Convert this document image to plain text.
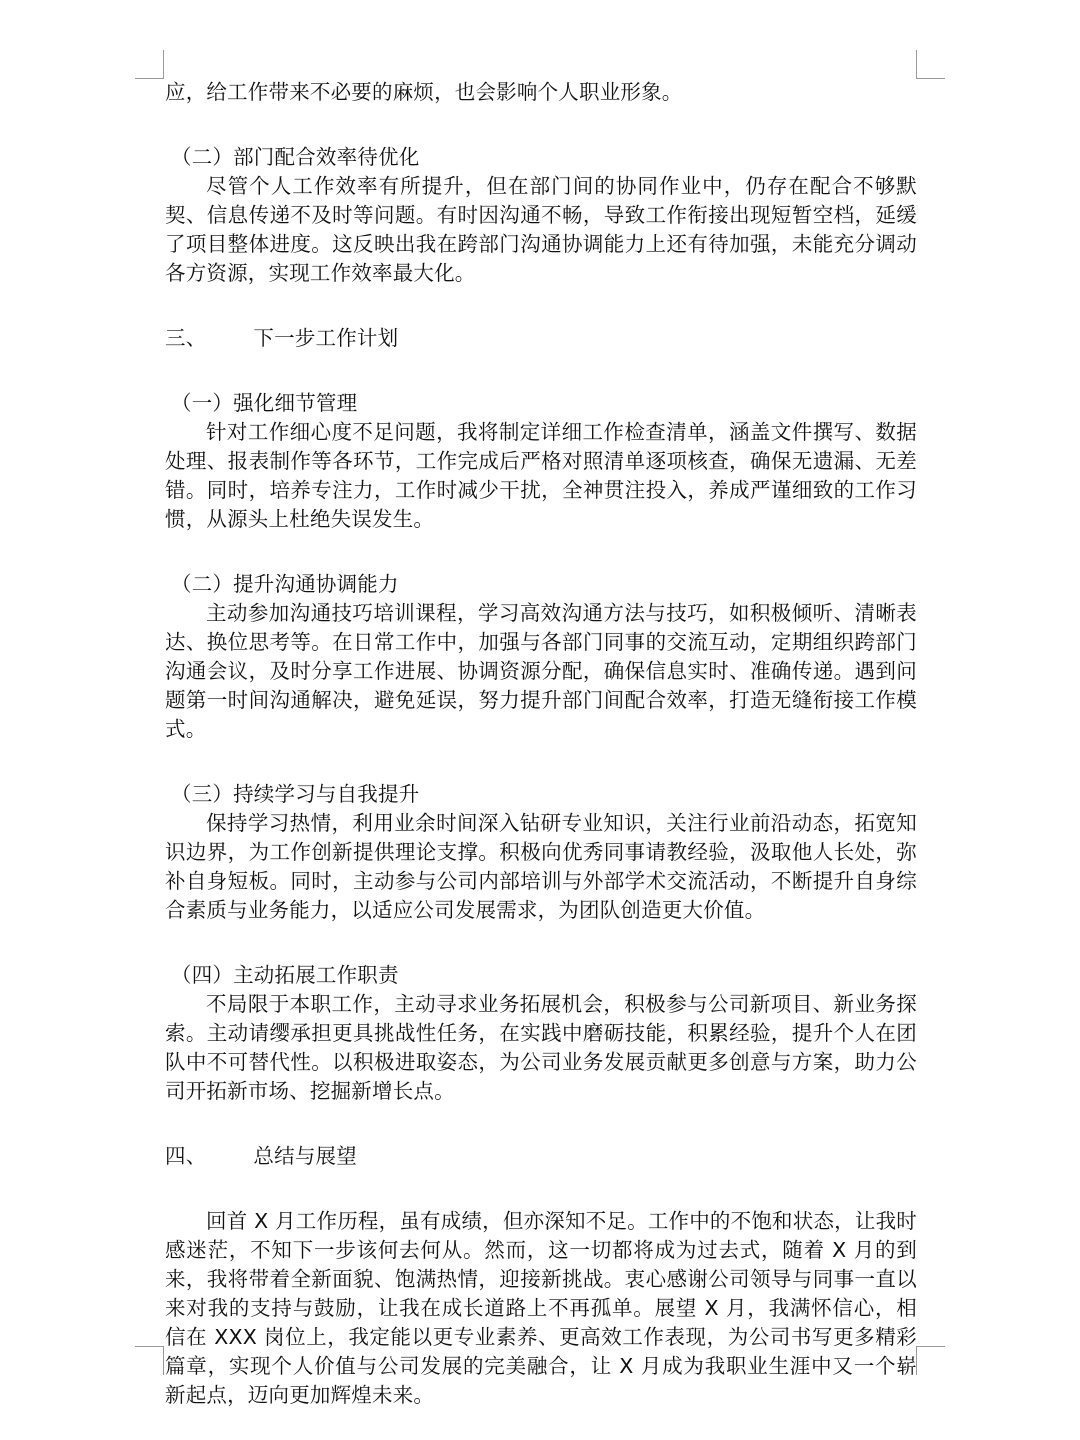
应，给工作带来不必要的麻烦，也会影响个人职业形象。

（二）部门配合效率待优化

尽管个人工作效率有所提升，但在部门间的协同作业中，仍存在配合不够默契、信息传递不及时等问题。有时因沟通不畅，导致工作衔接出现短暂空档，延缓了项目整体进度。这反映出我在跨部门沟通协调能力上还有待加强，未能充分调动各方资源，实现工作效率最大化。

三、 下一步工作计划

（一）强化细节管理

针对工作细心度不足问题，我将制定详细工作检查清单，涵盖文件撰写、数据处理、报表制作等各环节，工作完成后严格对照清单逐项核查，确保无遗漏、无差错。同时，培养专注力，工作时减少干扰，全神贯注投入，养成严谨细致的工作习惯，从源头上杜绝失误发生。

（二）提升沟通协调能力

主动参加沟通技巧培训课程，学习高效沟通方法与技巧，如积极倾听、清晰表达、换位思考等。在日常工作中，加强与各部门同事的交流互动，定期组织跨部门沟通会议，及时分享工作进展、协调资源分配，确保信息实时、准确传递。遇到问题第一时间沟通解决，避免延误，努力提升部门间配合效率，打造无缝衔接工作模式。

（三）持续学习与自我提升

保持学习热情，利用业余时间深入钻研专业知识，关注行业前沿动态，拓宽知识边界，为工作创新提供理论支撑。积极向优秀同事请教经验，汲取他人长处，弥补自身短板。同时，主动参与公司内部培训与外部学术交流活动，不断提升自身综合素质与业务能力，以适应公司发展需求，为团队创造更大价值。

（四）主动拓展工作职责

不局限于本职工作，主动寻求业务拓展机会，积极参与公司新项目、新业务探索。主动请缨承担更具挑战性任务，在实践中磨砺技能，积累经验，提升个人在团队中不可替代性。以积极进取姿态，为公司业务发展贡献更多创意与方案，助力公司开拓新市场、挖掘新增长点。

四、 总结与展望

回首 X 月工作历程，虽有成绩，但亦深知不足。工作中的不饱和状态，让我时感迷茫，不知下一步该何去何从。然而，这一切都将成为过去式，随着 X 月的到来，我将带着全新面貌、饱满热情，迎接新挑战。衷心感谢公司领导与同事一直以来对我的支持与鼓励，让我在成长道路上不再孤单。展望 X 月，我满怀信心，相信在 XXX 岗位上，我定能以更专业素养、更高效工作表现，为公司书写更多精彩篇章，实现个人价值与公司发展的完美融合，让 X 月成为我职业生涯中又一个崭新起点，迈向更加辉煌未来。
